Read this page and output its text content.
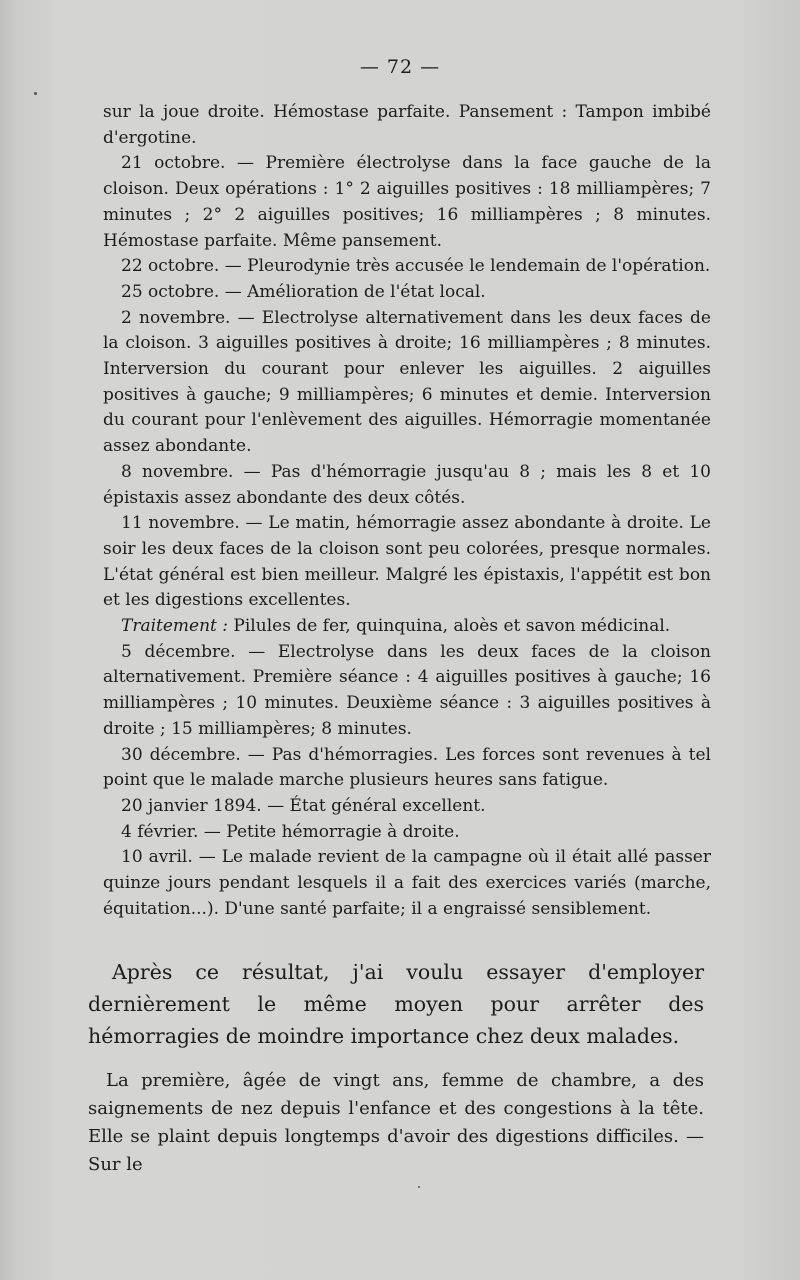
— 72 —

sur la joue droite. Hémostase parfaite. Pansement : Tampon imbibé d'ergotine.

21 octobre. — Première électrolyse dans la face gauche de la cloison. Deux opérations : 1° 2 aiguilles positives : 18 milliampères; 7 minutes ; 2° 2 aiguilles positives; 16 milliampères ; 8 minutes. Hémostase parfaite. Même pansement.

22 octobre. — Pleurodynie très accusée le lendemain de l'opération.

25 octobre. — Amélioration de l'état local.

2 novembre. — Electrolyse alternativement dans les deux faces de la cloison. 3 aiguilles positives à droite; 16 milliampères ; 8 minutes. Interversion du courant pour enlever les aiguilles. 2 aiguilles positives à gauche; 9 milliampères; 6 minutes et demie. Interversion du courant pour l'enlèvement des aiguilles. Hémorragie momentanée assez abondante.

8 novembre. — Pas d'hémorragie jusqu'au 8 ; mais les 8 et 10 épistaxis assez abondante des deux côtés.

11 novembre. — Le matin, hémorragie assez abondante à droite. Le soir les deux faces de la cloison sont peu colorées, presque normales. L'état général est bien meilleur. Malgré les épistaxis, l'appétit est bon et les digestions excellentes.

Traitement : Pilules de fer, quinquina, aloès et savon médicinal.

5 décembre. — Electrolyse dans les deux faces de la cloison alternativement. Première séance : 4 aiguilles positives à gauche; 16 milliampères ; 10 minutes. Deuxième séance : 3 aiguilles positives à droite ; 15 milliampères; 8 minutes.

30 décembre. — Pas d'hémorragies. Les forces sont revenues à tel point que le malade marche plusieurs heures sans fatigue.

20 janvier 1894. — État général excellent.

4 février. — Petite hémorragie à droite.

10 avril. — Le malade revient de la campagne où il était allé passer quinze jours pendant lesquels il a fait des exercices variés (marche, équitation...). D'une santé parfaite; il a engraissé sensiblement.

Après ce résultat, j'ai voulu essayer d'employer dernièrement le même moyen pour arrêter des hémorragies de moindre importance chez deux malades.

La première, âgée de vingt ans, femme de chambre, a des saignements de nez depuis l'enfance et des congestions à la tête. Elle se plaint depuis longtemps d'avoir des digestions difficiles. — Sur le
